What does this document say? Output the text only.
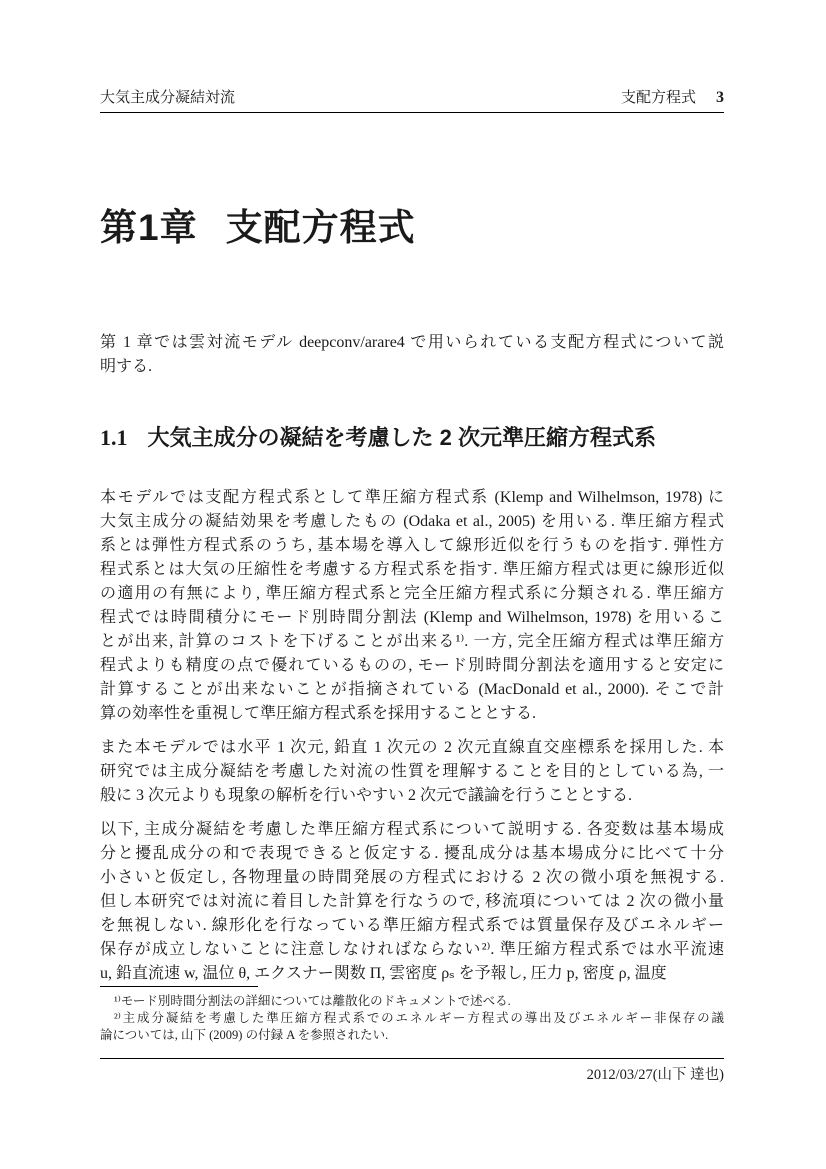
大気主成分凝結対流	支配方程式 3
第1章 支配方程式
第 1 章では雲対流モデル deepconv/arare4 で用いられている支配方程式について説
明する.
1.1 大気主成分の凝結を考慮した 2 次元準圧縮方程式系
本モデルでは支配方程式系として準圧縮方程式系 (Klemp and Wilhelmson, 1978) に
大気主成分の凝結効果を考慮したもの (Odaka et al., 2005) を用いる. 準圧縮方程式
系とは弾性方程式系のうち, 基本場を導入して線形近似を行うものを指す. 弾性方
程式系とは大気の圧縮性を考慮する方程式系を指す. 準圧縮方程式は更に線形近似
の適用の有無により, 準圧縮方程式系と完全圧縮方程式系に分類される. 準圧縮方
程式では時間積分にモード別時間分割法 (Klemp and Wilhelmson, 1978) を用いるこ
とが出来, 計算のコストを下げることが出来る¹⁾. 一方, 完全圧縮方程式は準圧縮方
程式よりも精度の点で優れているものの, モード別時間分割法を適用すると安定に
計算することが出来ないことが指摘されている (MacDonald et al., 2000). そこで計
算の効率性を重視して準圧縮方程式系を採用することとする.
また本モデルでは水平 1 次元, 鉛直 1 次元の 2 次元直線直交座標系を採用した. 本
研究では主成分凝結を考慮した対流の性質を理解することを目的としている為, 一
般に 3 次元よりも現象の解析を行いやすい 2 次元で議論を行うこととする.
以下, 主成分凝結を考慮した準圧縮方程式系について説明する. 各変数は基本場成
分と擾乱成分の和で表現できると仮定する. 擾乱成分は基本場成分に比べて十分
小さいと仮定し, 各物理量の時間発展の方程式における 2 次の微小項を無視する.
但し本研究では対流に着目した計算を行なうので, 移流項については 2 次の微小量
を無視しない. 線形化を行なっている準圧縮方程式系では質量保存及びエネルギー
保存が成立しないことに注意しなければならない²⁾. 準圧縮方程式系では水平流速
u, 鉛直流速 w, 温位 θ, エクスナー関数 Π, 雲密度 ρₛ を予報し, 圧力 p, 密度 ρ, 温度
¹⁾モード別時間分割法の詳細については離散化のドキュメントで述べる.
²⁾主成分凝結を考慮した準圧縮方程式系でのエネルギー方程式の導出及びエネルギー非保存の議
論については, 山下 (2009) の付録 A を参照されたい.
2012/03/27(山下 達也)
